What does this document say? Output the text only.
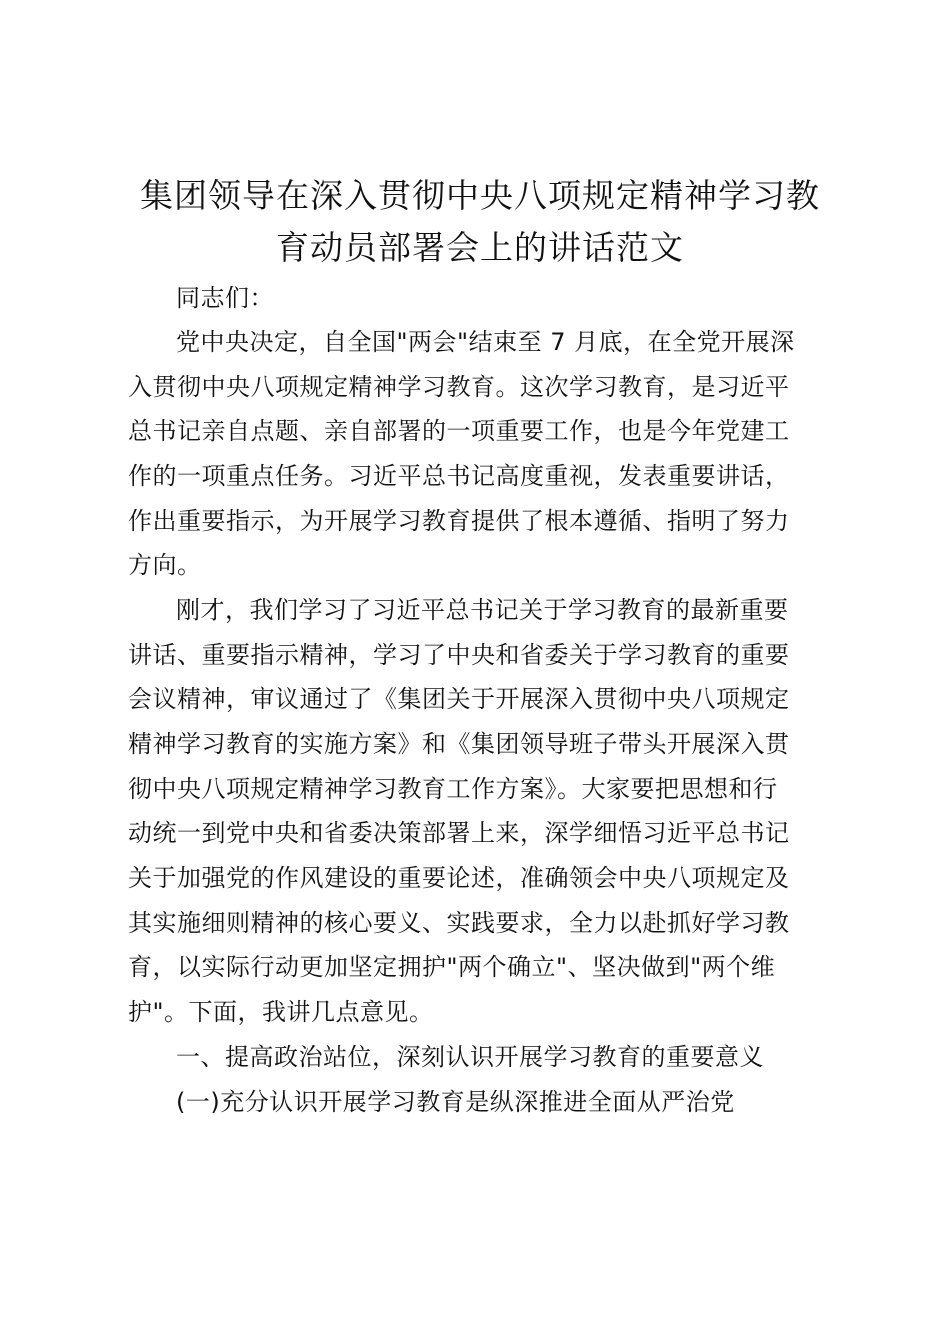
集团领导在深入贯彻中央八项规定精神学习教
育动员部署会上的讲话范文
同志们：
党中央决定，自全国"两会"结束至 7 月底，在全党开展深
入贯彻中央八项规定精神学习教育。这次学习教育，是习近平
总书记亲自点题、亲自部署的一项重要工作，也是今年党建工
作的一项重点任务。习近平总书记高度重视，发表重要讲话，
作出重要指示，为开展学习教育提供了根本遵循、指明了努力
方向。
刚才，我们学习了习近平总书记关于学习教育的最新重要
讲话、重要指示精神，学习了中央和省委关于学习教育的重要
会议精神，审议通过了《集团关于开展深入贯彻中央八项规定
精神学习教育的实施方案》和《集团领导班子带头开展深入贯
彻中央八项规定精神学习教育工作方案》。大家要把思想和行
动统一到党中央和省委决策部署上来，深学细悟习近平总书记
关于加强党的作风建设的重要论述，准确领会中央八项规定及
其实施细则精神的核心要义、实践要求，全力以赴抓好学习教
育，以实际行动更加坚定拥护"两个确立"、坚决做到"两个维
护"。下面，我讲几点意见。
一、提高政治站位，深刻认识开展学习教育的重要意义
(一)充分认识开展学习教育是纵深推进全面从严治党
